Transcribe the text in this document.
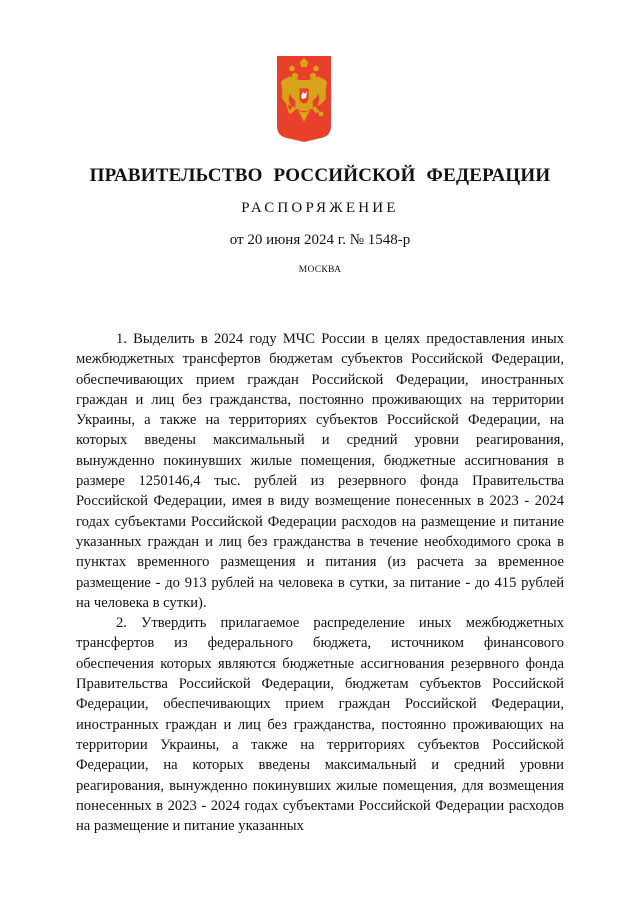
ПРАВИТЕЛЬСТВО РОССИЙСКОЙ ФЕДЕРАЦИИ
РАСПОРЯЖЕНИЕ
от 20 июня 2024 г. № 1548-р
МОСКВА

1. Выделить в 2024 году МЧС России в целях предоставления иных межбюджетных трансфертов бюджетам субъектов Российской Федерации, обеспечивающих прием граждан Российской Федерации, иностранных граждан и лиц без гражданства, постоянно проживающих на территории Украины, а также на территориях субъектов Российской Федерации, на которых введены максимальный и средний уровни реагирования, вынужденно покинувших жилые помещения, бюджетные ассигнования в размере 1250146,4 тыс. рублей из резервного фонда Правительства Российской Федерации, имея в виду возмещение понесенных в 2023 - 2024 годах субъектами Российской Федерации расходов на размещение и питание указанных граждан и лиц без гражданства в течение необходимого срока в пунктах временного размещения и питания (из расчета за временное размещение - до 913 рублей на человека в сутки, за питание - до 415 рублей на человека в сутки).

2. Утвердить прилагаемое распределение иных межбюджетных трансфертов из федерального бюджета, источником финансового обеспечения которых являются бюджетные ассигнования резервного фонда Правительства Российской Федерации, бюджетам субъектов Российской Федерации, обеспечивающих прием граждан Российской Федерации, иностранных граждан и лиц без гражданства, постоянно проживающих на территории Украины, а также на территориях субъектов Российской Федерации, на которых введены максимальный и средний уровни реагирования, вынужденно покинувших жилые помещения, для возмещения понесенных в 2023 - 2024 годах субъектами Российской Федерации расходов на размещение и питание указанных
